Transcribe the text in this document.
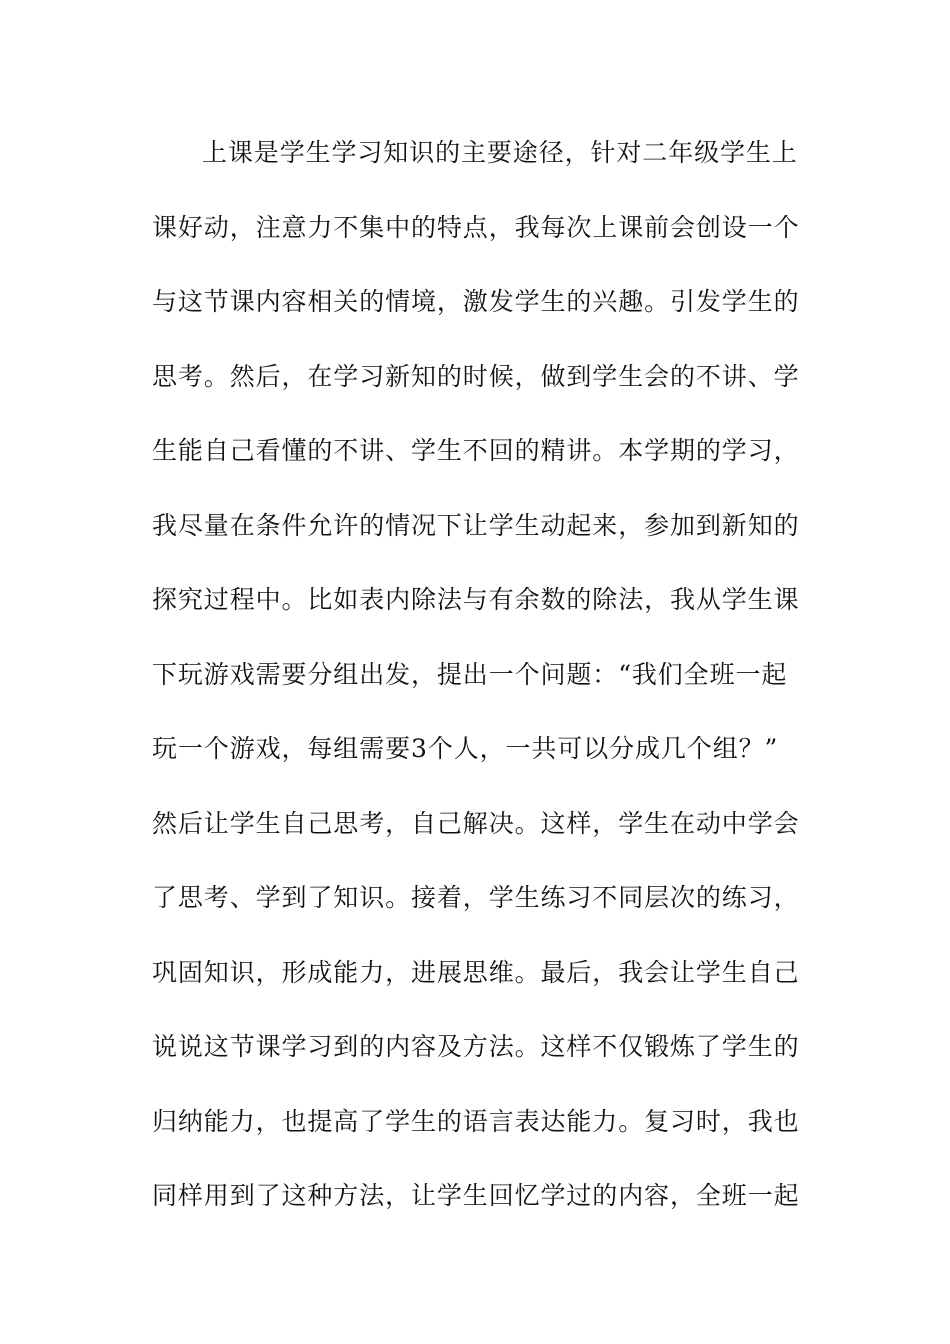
上课是学生学习知识的主要途径，针对二年级学生上
课好动，注意力不集中的特点，我每次上课前会创设一个
与这节课内容相关的情境，激发学生的兴趣。引发学生的
思考。然后，在学习新知的时候，做到学生会的不讲、学
生能自己看懂的不讲、学生不回的精讲。本学期的学习，
我尽量在条件允许的情况下让学生动起来，参加到新知的
探究过程中。比如表内除法与有余数的除法，我从学生课
下玩游戏需要分组出发，提出一个问题：“我们全班一起
玩一个游戏，每组需要3个人，一共可以分成几个组？”
然后让学生自己思考，自己解决。这样，学生在动中学会
了思考、学到了知识。接着，学生练习不同层次的练习，
巩固知识，形成能力，进展思维。最后，我会让学生自己
说说这节课学习到的内容及方法。这样不仅锻炼了学生的
归纳能力，也提高了学生的语言表达能力。复习时，我也
同样用到了这种方法，让学生回忆学过的内容，全班一起
